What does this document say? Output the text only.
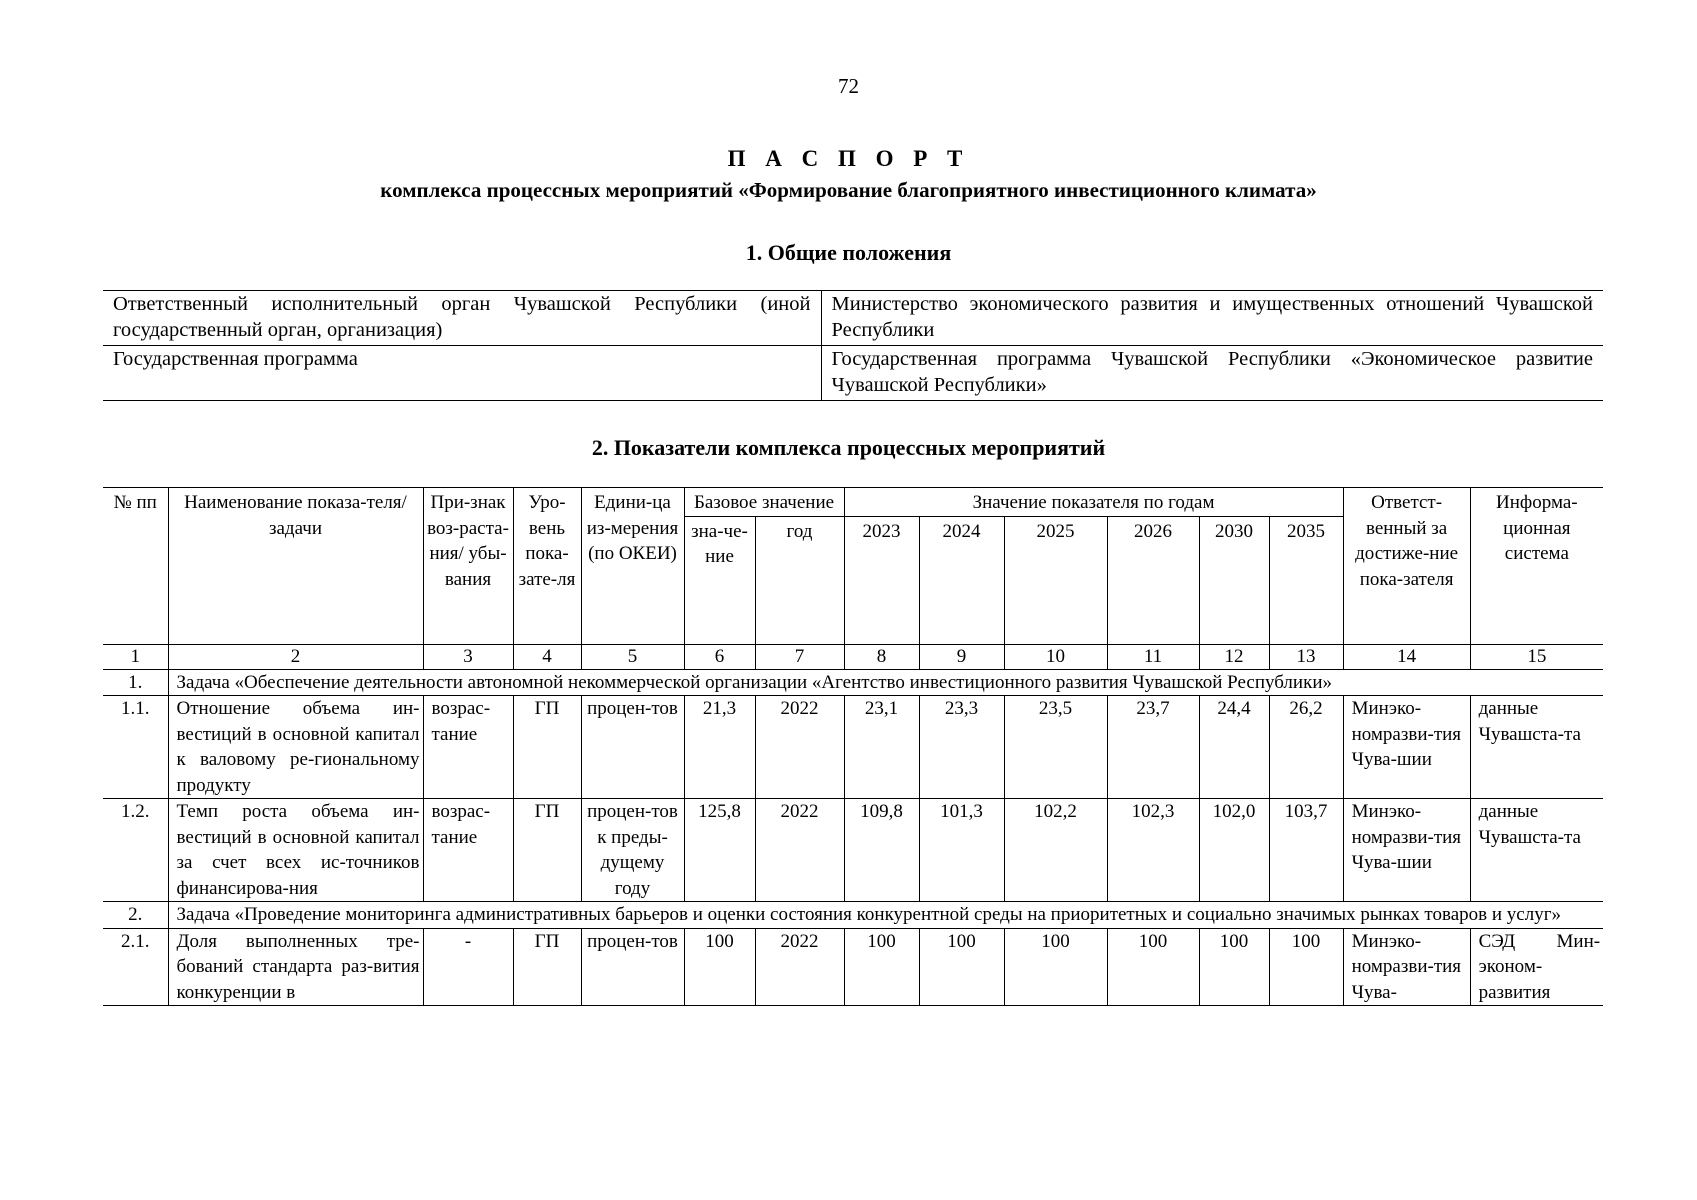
72
П А С П О Р Т
комплекса процессных мероприятий «Формирование благоприятного инвестиционного климата»
1. Общие положения
Ответственный исполнительный орган Чувашской Республики (иной государственный орган, организация)	Министерство экономического развития и имущественных отношений Чувашской Республики
Государственная программа	Государственная программа Чувашской Республики «Экономическое развитие Чувашской Республики»
2. Показатели комплекса процессных мероприятий
№ пп	Наименование показа-теля/задачи	При-знак воз-раста-ния/ убы-вания	Уро-вень пока-зате-ля	Едини-ца из-мерения (по ОКЕИ)	Базовое значение		Значение показателя по годам						Ответст-венный за достиже-ние пока-зателя	Информа-ционная система
					зна-че-ние	год	2023	2024	2025	2026	2030	2035		
1	2	3	4	5	6	7	8	9	10	11	12	13	14	15
1.	Задача «Обеспечение деятельности автономной некоммерческой организации «Агентство инвестиционного развития Чувашской Республики»													
1.1.	Отношение объема ин-вестиций в основной капитал к валовому ре-гиональному продукту	возрас-тание	ГП	процен-тов	21,3	2022	23,1	23,3	23,5	23,7	24,4	26,2	Минэко-номразви-тия Чува-шии	данные Чувашста-та
1.2.	Темп роста объема ин-вестиций в основной капитал за счет всех ис-точников финансирова-ния	возрас-тание	ГП	процен-тов к преды-дущему году	125,8	2022	109,8	101,3	102,2	102,3	102,0	103,7	Минэко-номразви-тия Чува-шии	данные Чувашста-та
2.	Задача «Проведение мониторинга административных барьеров и оценки состояния конкурентной среды на приоритетных и социально значимых рынках товаров и услуг»													
2.1.	Доля выполненных тре-бований стандарта раз-вития конкуренции в	-	ГП	процен-тов	100	2022	100	100	100	100	100	100	Минэко-номразви-тия Чува-	СЭД Мин-эконом-развития
